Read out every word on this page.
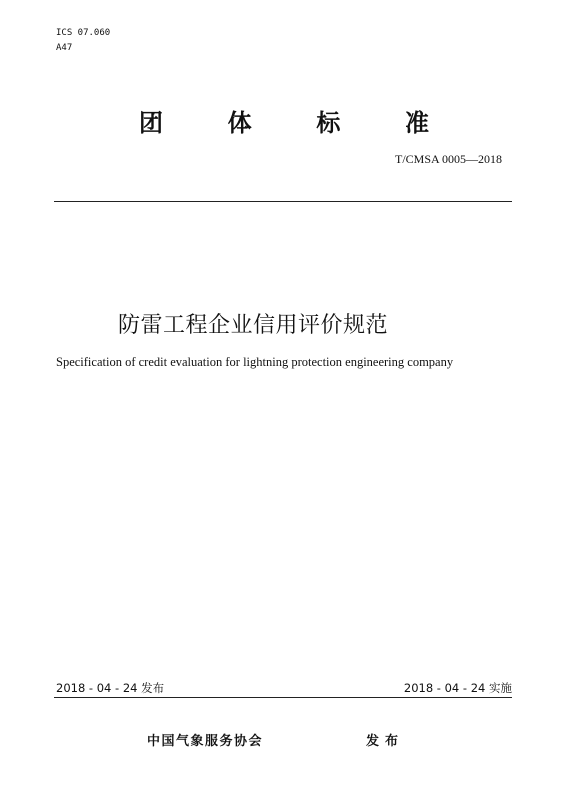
ICS 07.060
A47
团	体	标	准
T/CMSA 0005—2018
防雷工程企业信用评价规范
Specification of credit evaluation for lightning protection engineering company
2018 - 04 - 24 发布	2018 - 04 - 24 实施
中国气象服务协会	发布
